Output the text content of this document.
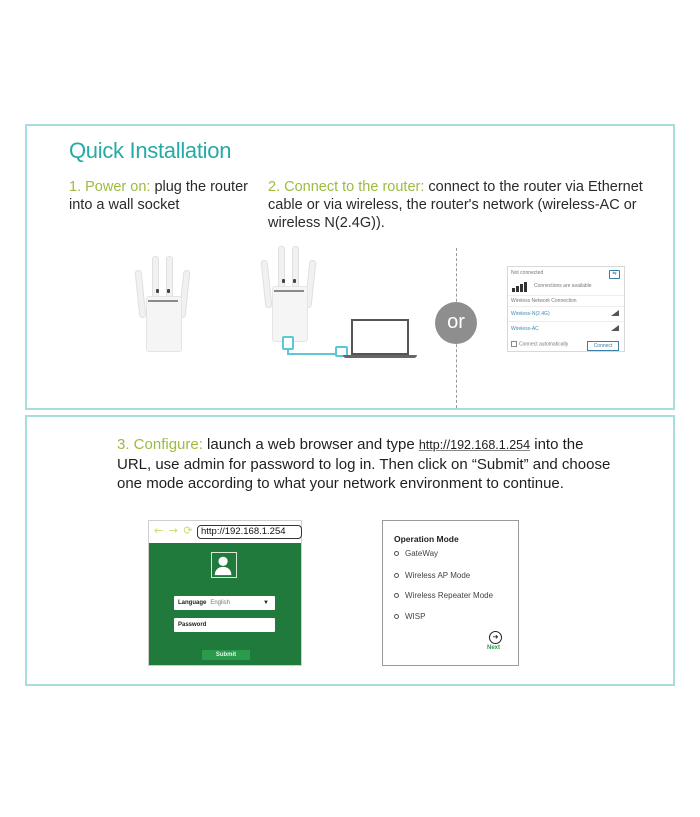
Quick Installation
1. Power on: plug the router into a wall socket
2. Connect to the router: connect to the router via Ethernet cable or via wireless, the router's network (wireless-AC or wireless N(2.4G)).
or
Not connected	⇆
Connections are available
Wireless Network Connection
Wireless-N(2.4G)
Wireless-AC
Connect automatically	Connect
3. Configure: launch a web browser and type http://192.168.1.254 into the URL, use admin for password to log in. Then click on “Submit” and choose one mode according to what your network environment to continue.
← → ⟳ http://192.168.1.254
Language English	▼
Password
Submit
Operation Mode
GateWay
Wireless AP Mode
Wireless Repeater Mode
WISP
➜
Next
